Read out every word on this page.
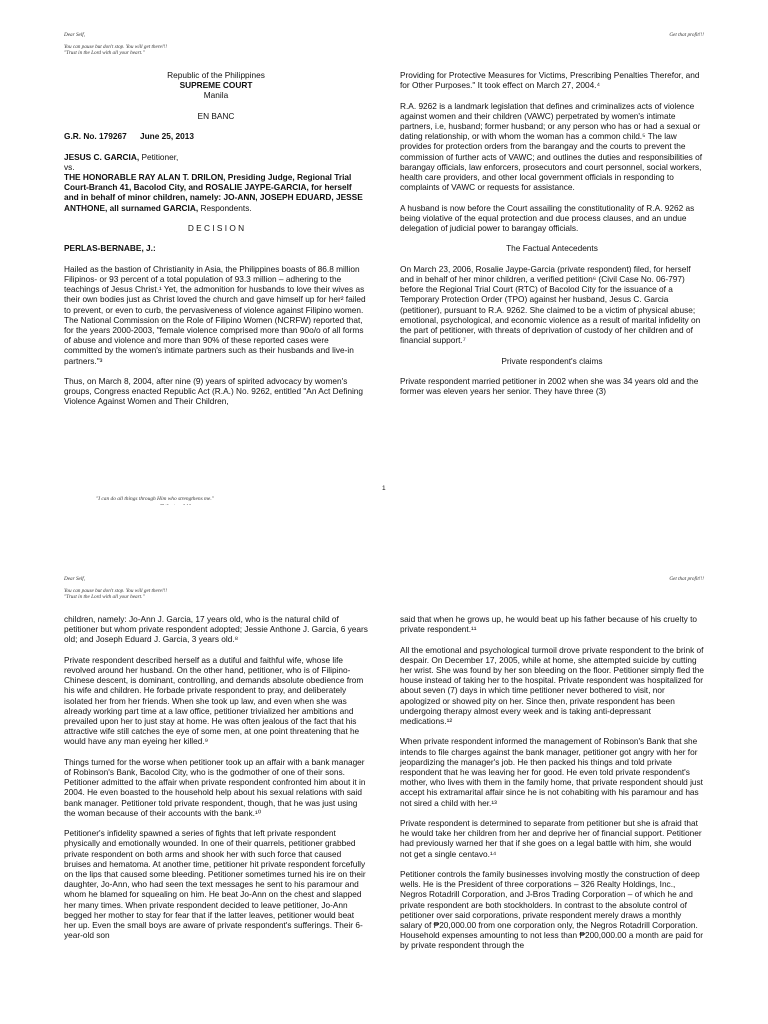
Dear Self,
You can pause but don't stop. You will get there!!!
"Trust in the Lord with all your heart."
Get that profit!!!

Republic of the Philippines

SUPREME COURT

Manila

EN BANC

G.R. No. 179267	June 25, 2013

JESUS C. GARCIA, Petitioner,

vs.

THE HONORABLE RAY ALAN T. DRILON, Presiding Judge, Regional Trial Court-Branch 41, Bacolod City, and ROSALIE JAYPE-GARCIA, for herself and in behalf of minor children, namely: JO-ANN, JOSEPH EDUARD, JESSE ANTHONE, all surnamed GARCIA, Respondents.

D E C I S I O N

PERLAS-BERNABE, J.:

Hailed as the bastion of Christianity in Asia, the Philippines boasts of 86.8 million Filipinos- or 93 percent of a total population of 93.3 million – adhering to the teachings of Jesus Christ.¹ Yet, the admonition for husbands to love their wives as their own bodies just as Christ loved the church and gave himself up for her² failed to prevent, or even to curb, the pervasiveness of violence against Filipino women. The National Commission on the Role of Filipino Women (NCRFW) reported that, for the years 2000-2003, "female violence comprised more than 90o/o of all forms of abuse and violence and more than 90% of these reported cases were committed by the women's intimate partners such as their husbands and live-in partners."³

Thus, on March 8, 2004, after nine (9) years of spirited advocacy by women's groups, Congress enacted Republic Act (R.A.) No. 9262, entitled "An Act Defining Violence Against Women and Their Children,

Providing for Protective Measures for Victims, Prescribing Penalties Therefor, and for Other Purposes." It took effect on March 27, 2004.⁴

R.A. 9262 is a landmark legislation that defines and criminalizes acts of violence against women and their children (VAWC) perpetrated by women's intimate partners, i.e, husband; former husband; or any person who has or had a sexual or dating relationship, or with whom the woman has a common child.⁵ The law provides for protection orders from the barangay and the courts to prevent the commission of further acts of VAWC; and outlines the duties and responsibilities of barangay officials, law enforcers, prosecutors and court personnel, social workers, health care providers, and other local government officials in responding to complaints of VAWC or requests for assistance.

A husband is now before the Court assailing the constitutionality of R.A. 9262 as being violative of the equal protection and due process clauses, and an undue delegation of judicial power to barangay officials.

The Factual Antecedents

On March 23, 2006, Rosalie Jaype-Garcia (private respondent) filed, for herself and in behalf of her minor children, a verified petition⁶ (Civil Case No. 06-797) before the Regional Trial Court (RTC) of Bacolod City for the issuance of a Temporary Protection Order (TPO) against her husband, Jesus C. Garcia (petitioner), pursuant to R.A. 9262. She claimed to be a victim of physical abuse; emotional, psychological, and economic violence as a result of marital infidelity on the part of petitioner, with threats of deprivation of custody of her children and of financial support.⁷

Private respondent's claims

Private respondent married petitioner in 2002 when she was 34 years old and the former was eleven years her senior. They have three (3)

"I can do all things through Him who strengthens me."
1
Dear Self,
You can pause but don't stop. You will get there!!!
"Trust in the Lord with all your heart."
Get that profit!!!

children, namely: Jo-Ann J. Garcia, 17 years old, who is the natural child of petitioner but whom private respondent adopted; Jessie Anthone J. Garcia, 6 years old; and Joseph Eduard J. Garcia, 3 years old.⁸

Private respondent described herself as a dutiful and faithful wife, whose life revolved around her husband. On the other hand, petitioner, who is of Filipino-Chinese descent, is dominant, controlling, and demands absolute obedience from his wife and children. He forbade private respondent to pray, and deliberately isolated her from her friends. When she took up law, and even when she was already working part time at a law office, petitioner trivialized her ambitions and prevailed upon her to just stay at home. He was often jealous of the fact that his attractive wife still catches the eye of some men, at one point threatening that he would have any man eyeing her killed.⁹

Things turned for the worse when petitioner took up an affair with a bank manager of Robinson's Bank, Bacolod City, who is the godmother of one of their sons. Petitioner admitted to the affair when private respondent confronted him about it in 2004. He even boasted to the household help about his sexual relations with said bank manager. Petitioner told private respondent, though, that he was just using the woman because of their accounts with the bank.¹⁰

Petitioner's infidelity spawned a series of fights that left private respondent physically and emotionally wounded. In one of their quarrels, petitioner grabbed private respondent on both arms and shook her with such force that caused bruises and hematoma. At another time, petitioner hit private respondent forcefully on the lips that caused some bleeding. Petitioner sometimes turned his ire on their daughter, Jo-Ann, who had seen the text messages he sent to his paramour and whom he blamed for squealing on him. He beat Jo-Ann on the chest and slapped her many times. When private respondent decided to leave petitioner, Jo-Ann begged her mother to stay for fear that if the latter leaves, petitioner would beat her up. Even the small boys are aware of private respondent's sufferings. Their 6-year-old son

said that when he grows up, he would beat up his father because of his cruelty to private respondent.¹¹

All the emotional and psychological turmoil drove private respondent to the brink of despair. On December 17, 2005, while at home, she attempted suicide by cutting her wrist. She was found by her son bleeding on the floor. Petitioner simply fled the house instead of taking her to the hospital. Private respondent was hospitalized for about seven (7) days in which time petitioner never bothered to visit, nor apologized or showed pity on her. Since then, private respondent has been undergoing therapy almost every week and is taking anti-depressant medications.¹²

When private respondent informed the management of Robinson's Bank that she intends to file charges against the bank manager, petitioner got angry with her for jeopardizing the manager's job. He then packed his things and told private respondent that he was leaving her for good. He even told private respondent's mother, who lives with them in the family home, that private respondent should just accept his extramarital affair since he is not cohabiting with his paramour and has not sired a child with her.¹³

Private respondent is determined to separate from petitioner but she is afraid that he would take her children from her and deprive her of financial support. Petitioner had previously warned her that if she goes on a legal battle with him, she would not get a single centavo.¹⁴

Petitioner controls the family businesses involving mostly the construction of deep wells. He is the President of three corporations – 326 Realty Holdings, Inc., Negros Rotadrill Corporation, and J-Bros Trading Corporation – of which he and private respondent are both stockholders. In contrast to the absolute control of petitioner over said corporations, private respondent merely draws a monthly salary of ₱20,000.00 from one corporation only, the Negros Rotadrill Corporation. Household expenses amounting to not less than ₱200,000.00 a month are paid for by private respondent through the
